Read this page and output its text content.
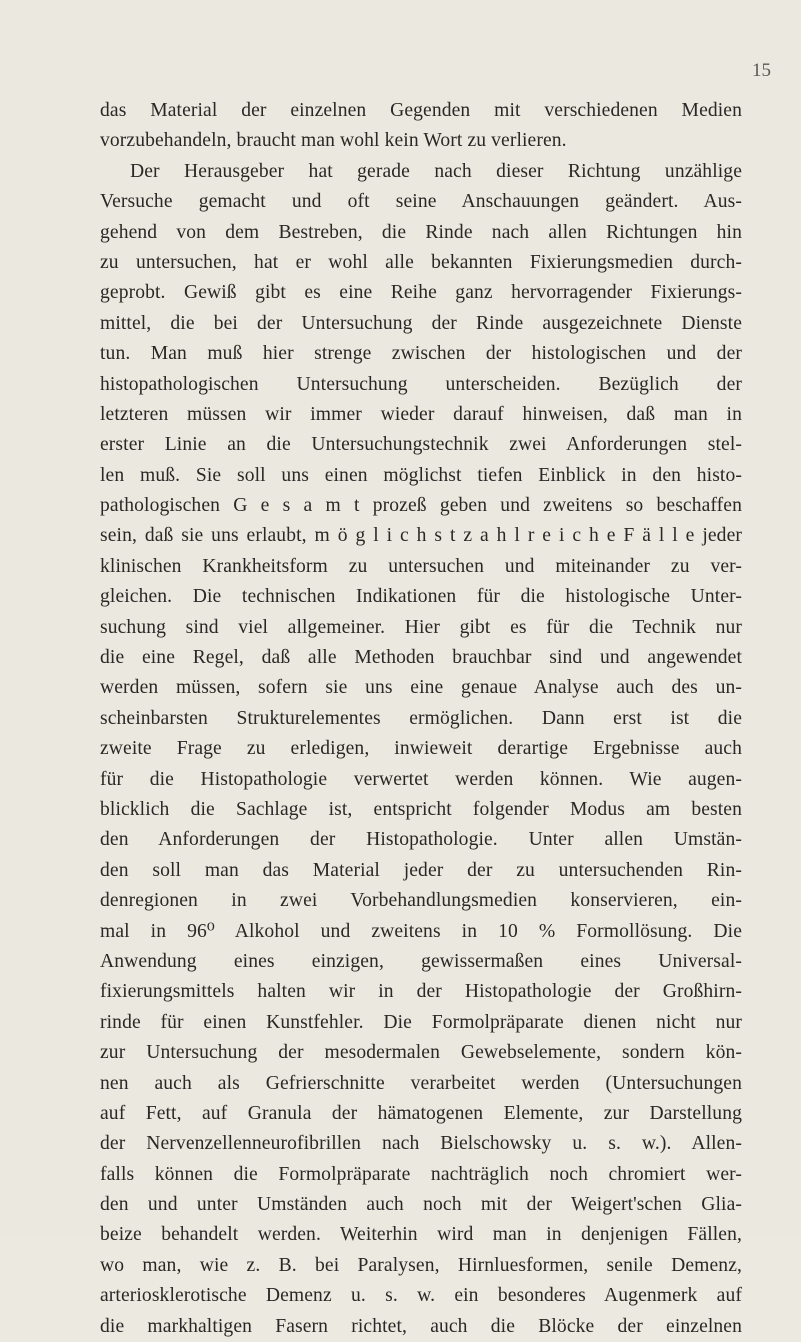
15
das Material der einzelnen Gegenden mit verschiedenen Medien
vorzubehandeln, braucht man wohl kein Wort zu verlieren.
Der Herausgeber hat gerade nach dieser Richtung unzählige
Versuche gemacht und oft seine Anschauungen geändert. Aus-
gehend von dem Bestreben, die Rinde nach allen Richtungen hin
zu untersuchen, hat er wohl alle bekannten Fixierungsmedien durch-
geprobt. Gewiß gibt es eine Reihe ganz hervorragender Fixierungs-
mittel, die bei der Untersuchung der Rinde ausgezeichnete Dienste
tun. Man muß hier strenge zwischen der histologischen und der
histopathologischen Untersuchung unterscheiden. Bezüglich der
letzteren müssen wir immer wieder darauf hinweisen, daß man in
erster Linie an die Untersuchungstechnik zwei Anforderungen stel-
len muß. Sie soll uns einen möglichst tiefen Einblick in den histo-
pathologischen G e s a m t prozeß geben und zweitens so beschaffen
sein, daß sie uns erlaubt, m ö g l i c h s t z a h l r e i c h e F ä l l e jeder
klinischen Krankheitsform zu untersuchen und miteinander zu ver-
gleichen. Die technischen Indikationen für die histologische Unter-
suchung sind viel allgemeiner. Hier gibt es für die Technik nur
die eine Regel, daß alle Methoden brauchbar sind und angewendet
werden müssen, sofern sie uns eine genaue Analyse auch des un-
scheinbarsten Strukturelementes ermöglichen. Dann erst ist die
zweite Frage zu erledigen, inwieweit derartige Ergebnisse auch
für die Histopathologie verwertet werden können. Wie augen-
blicklich die Sachlage ist, entspricht folgender Modus am besten
den Anforderungen der Histopathologie. Unter allen Umstän-
den soll man das Material jeder der zu untersuchenden Rin-
denregionen in zwei Vorbehandlungsmedien konservieren, ein-
mal in 96⁰ Alkohol und zweitens in 10 % Formollösung. Die
Anwendung eines einzigen, gewissermaßen eines Universal-
fixierungsmittels halten wir in der Histopathologie der Großhirn-
rinde für einen Kunstfehler. Die Formolpräparate dienen nicht nur
zur Untersuchung der mesodermalen Gewebselemente, sondern kön-
nen auch als Gefrierschnitte verarbeitet werden (Untersuchungen
auf Fett, auf Granula der hämatogenen Elemente, zur Darstellung
der Nervenzellenneurofibrillen nach Bielschowsky u. s. w.). Allen-
falls können die Formolpräparate nachträglich noch chromiert wer-
den und unter Umständen auch noch mit der Weigert'schen Glia-
beize behandelt werden. Weiterhin wird man in denjenigen Fällen,
wo man, wie z. B. bei Paralysen, Hirnluesformen, senile Demenz,
arteriosklerotische Demenz u. s. w. ein besonderes Augenmerk auf
die markhaltigen Fasern richtet, auch die Blöcke der einzelnen
